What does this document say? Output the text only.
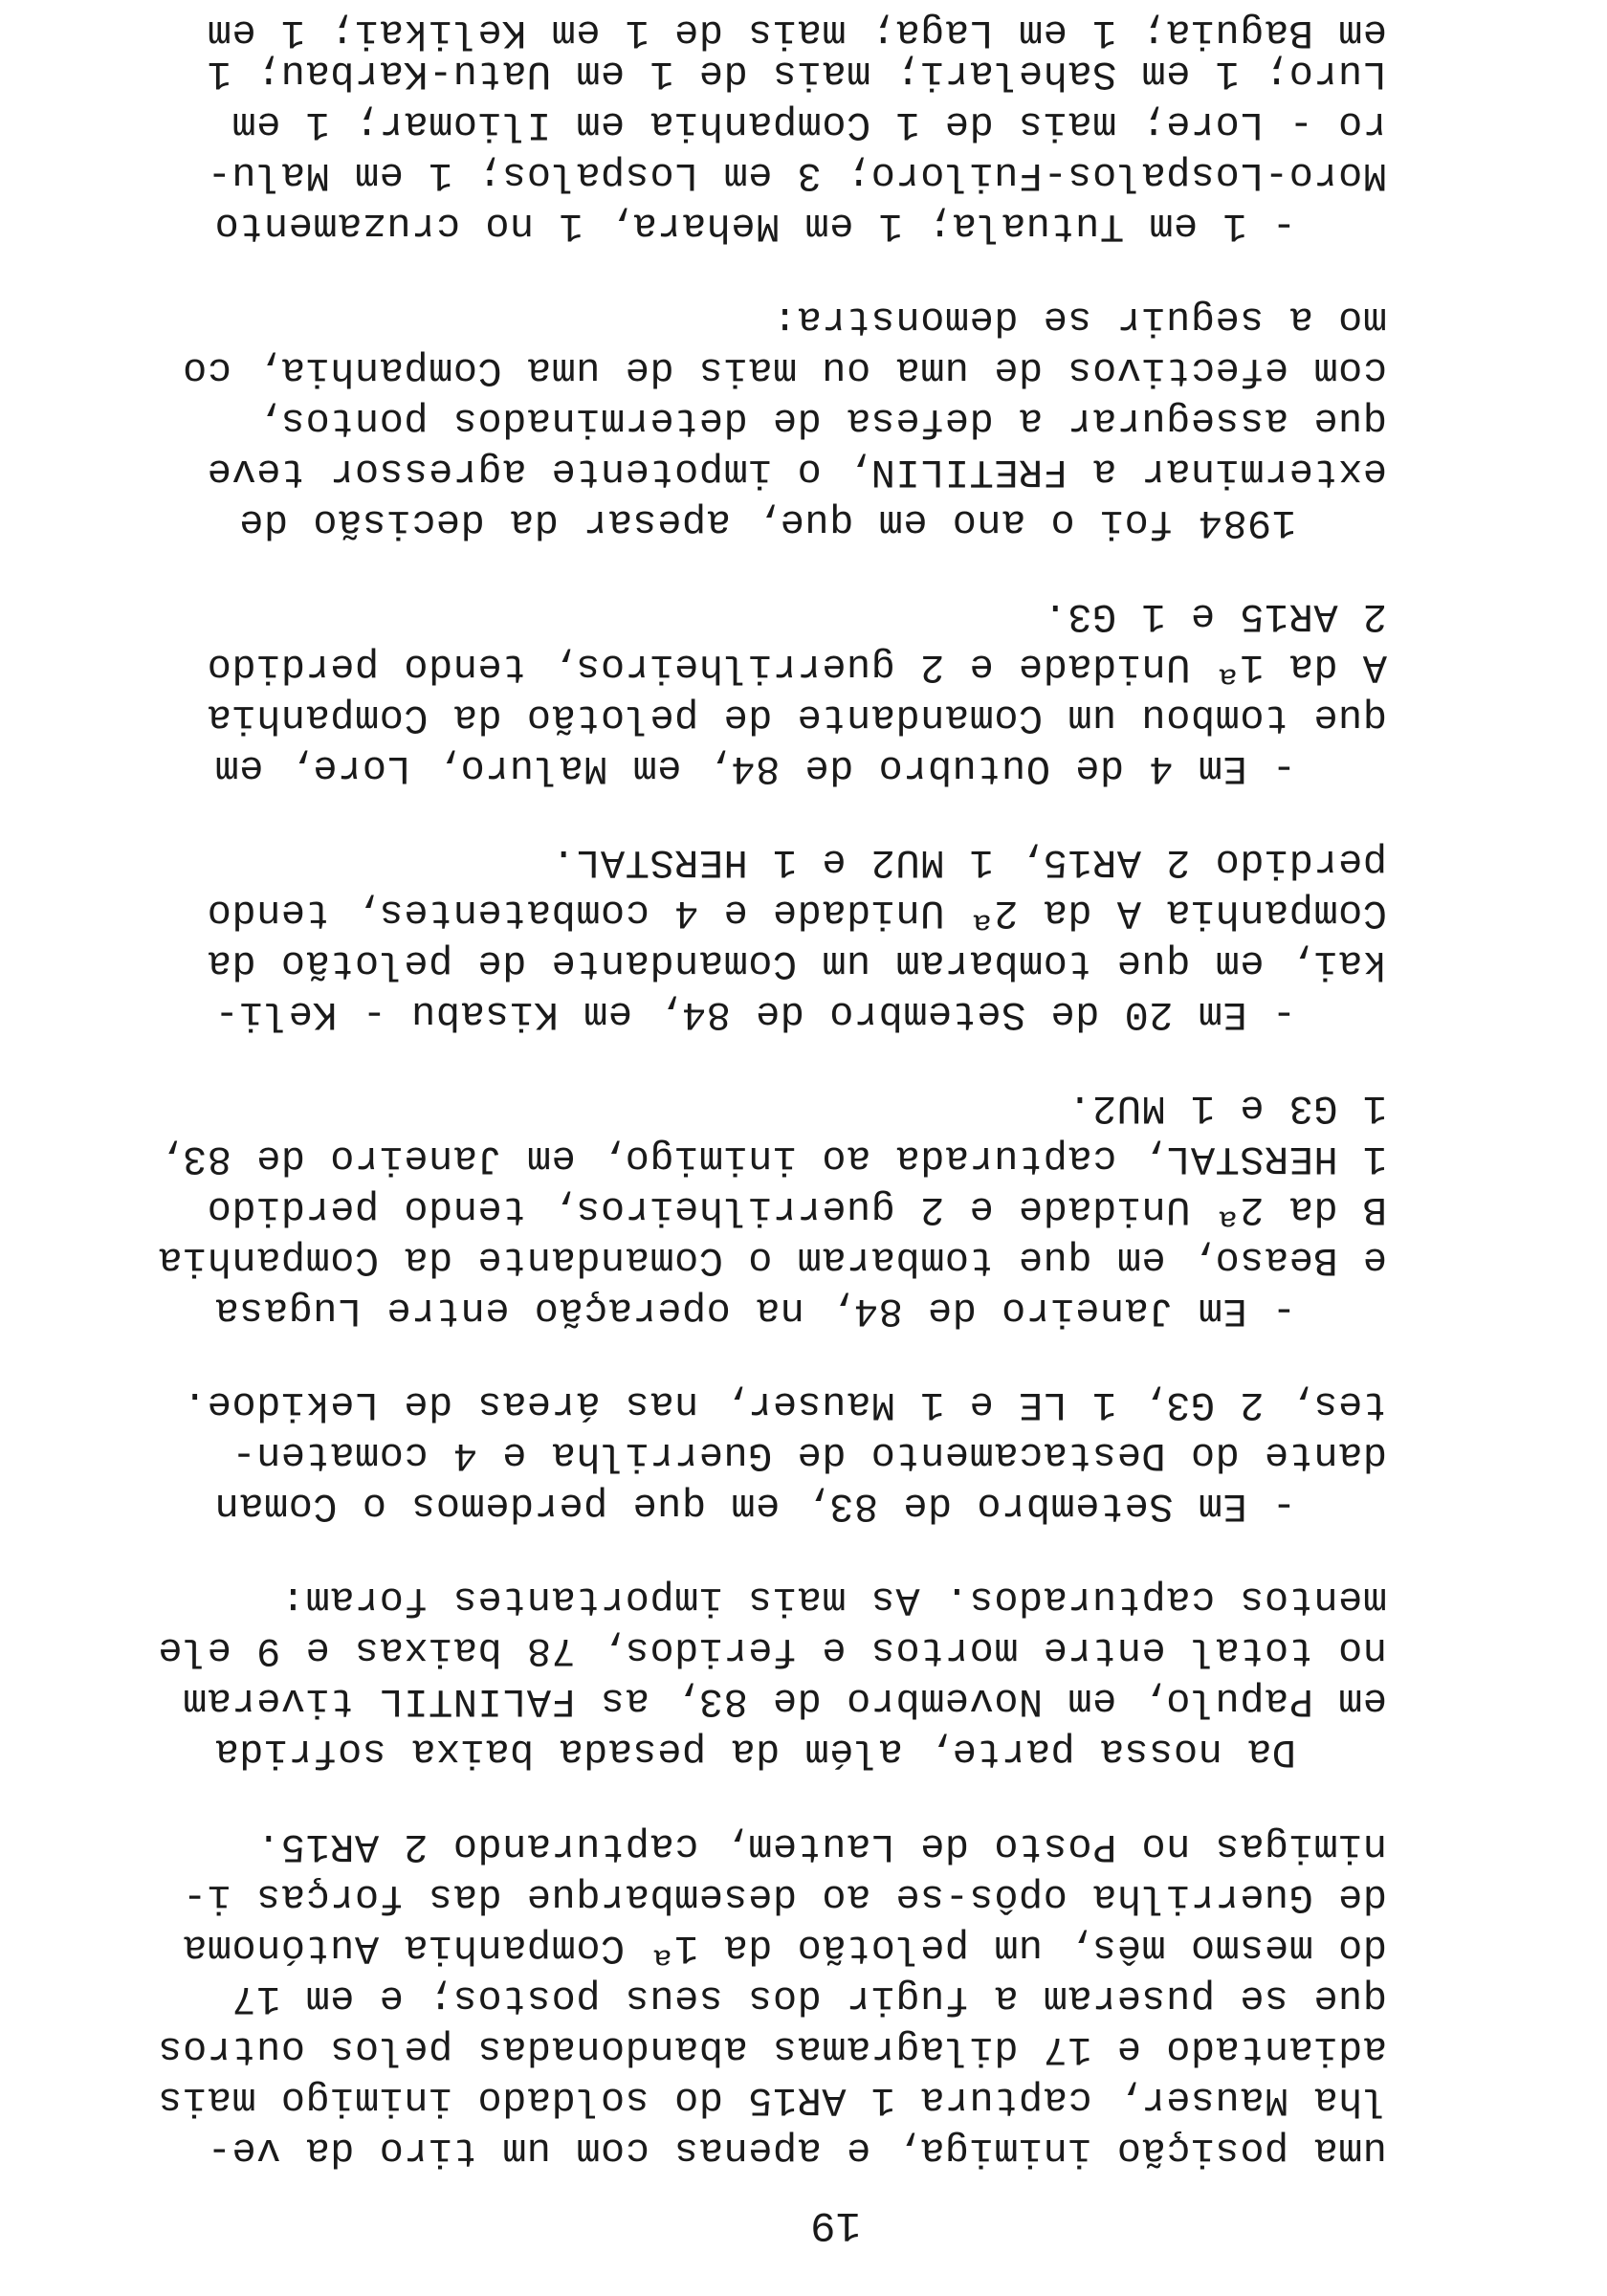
uma posição inimiga, e apenas com um tiro da ve-
lha Mauser, captura 1 AR15 do soldado inimigo mais
adiantado e 17 dilagramas abandonadas pelos outros
que se puseram a fugir dos seus postos; e em 17
do mesmo mês, um pelotão da 1ª Companhia Autónoma
de Guerrilha opôs-se ao desembarque das forças i-
nimigas no Posto de Lautem, capturando 2 AR15.
Da nossa parte, além da pesada baixa sofrida
em Papulo, em Novembro de 83, as FALINTIL tiveram
no total entre mortos e feridos, 78 baixas e 9 ele
mentos capturados. As mais importantes foram:
- Em Setembro de 83, em que perdemos o Coman
dante do Destacamento de Guerrilha e 4 comaten-
tes, 2 G3, 1 LE e 1 Mauser, nas áreas de Lekidoe.
- Em Janeiro de 84, na operação entre Lugasa
e Beaso, em que tombaram o Comandante da Companhia
B da 2ª Unidade e 2 guerrilheiros, tendo perdido
1 HERSTAL, capturada ao inimigo, em Janeiro de 83,
1 G3 e 1 MU2.
- Em 20 de Setembro de 84, em Kisabu - Keli-
kai, em que tombaram um Comandante de pelotão da
Companhia A da 2ª Unidade e 4 combatentes, tendo
perdido 2 AR15, 1 MU2 e 1 HERSTAL.
- Em 4 de Outubro de 84, em Maluro, Lore, em
que tombou um Comandante de pelotão da Companhia
A da 1ª Unidade e 2 guerrilheiros, tendo perdido
2 AR15 e 1 G3.
1984 foi o ano em que, apesar da decisão de
exterminar a FRETILIN, o impotente agressor teve
que assegurar a defesa de determinados pontos,
com efectivos de uma ou mais de uma Companhia, co
mo a seguir se demonstra:
- 1 em Tutuala; 1 em Mehara, 1 no cruzamento
Moro-Lospalos-Fuiloro; 3 em Lospalos; 1 em Malu-
ro - Lore; mais de 1 Companhia em Iliomar; 1 em
Luro; 1 em Sahelari; mais de 1 em Uatu-Karbau; 1
em Baguia; 1 em Laga; mais de 1 em Kelikai; 1 em
19
